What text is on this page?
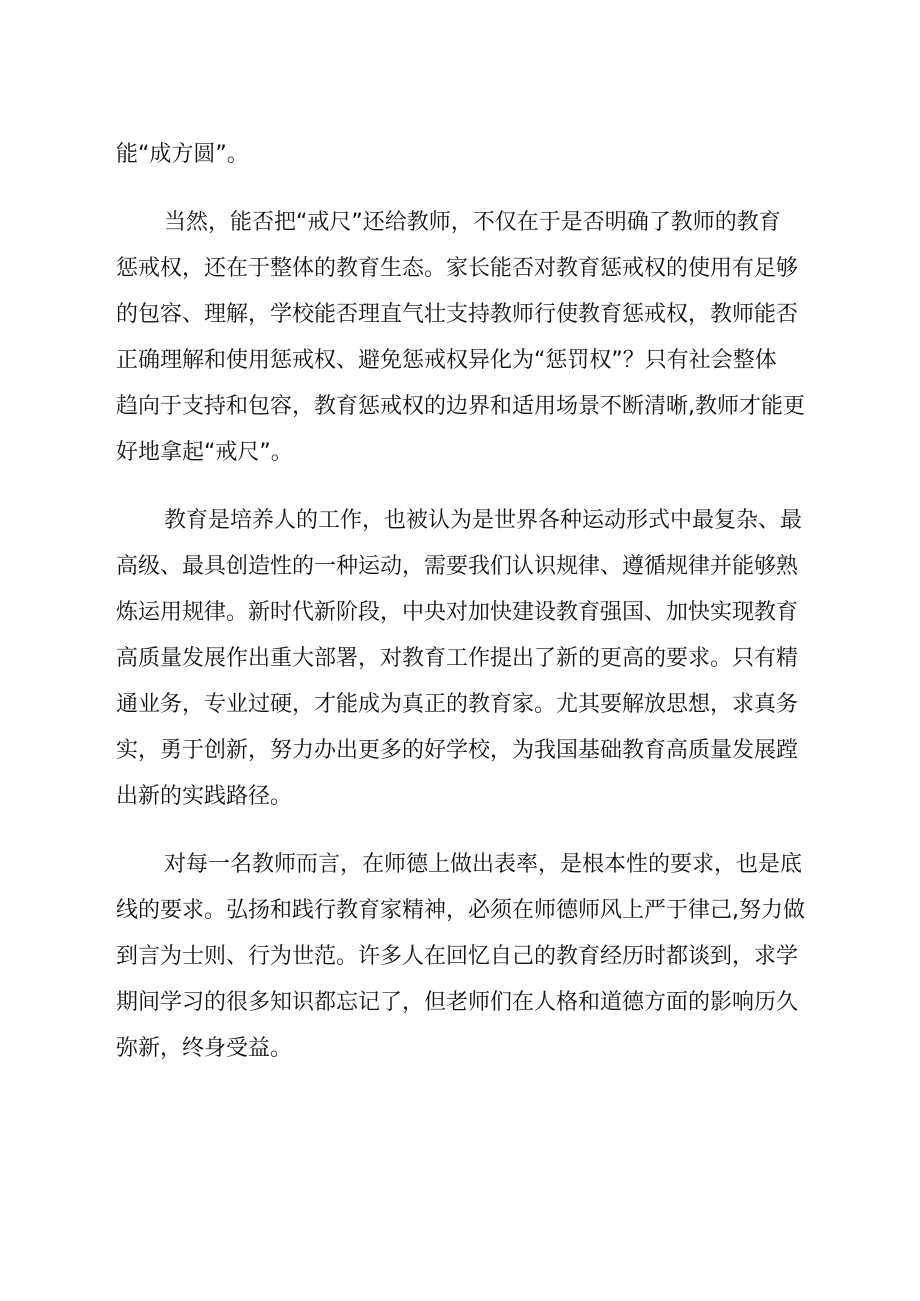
能“成方圆”。
当然，能否把“戒尺”还给教师，不仅在于是否明确了教师的教育
惩戒权，还在于整体的教育生态。家长能否对教育惩戒权的使用有足够
的包容、理解，学校能否理直气壮支持教师行使教育惩戒权，教师能否
正确理解和使用惩戒权、避免惩戒权异化为“惩罚权”？只有社会整体
趋向于支持和包容，教育惩戒权的边界和适用场景不断清晰,教师才能更
好地拿起“戒尺”。
教育是培养人的工作，也被认为是世界各种运动形式中最复杂、最
高级、最具创造性的一种运动，需要我们认识规律、遵循规律并能够熟
炼运用规律。新时代新阶段，中央对加快建设教育强国、加快实现教育
高质量发展作出重大部署，对教育工作提出了新的更高的要求。只有精
通业务，专业过硬，才能成为真正的教育家。尤其要解放思想，求真务
实，勇于创新，努力办出更多的好学校，为我国基础教育高质量发展蹚
出新的实践路径。
对每一名教师而言，在师德上做出表率，是根本性的要求，也是底
线的要求。弘扬和践行教育家精神，必须在师德师风上严于律己,努力做
到言为士则、行为世范。许多人在回忆自己的教育经历时都谈到，求学
期间学习的很多知识都忘记了，但老师们在人格和道德方面的影响历久
弥新，终身受益。
